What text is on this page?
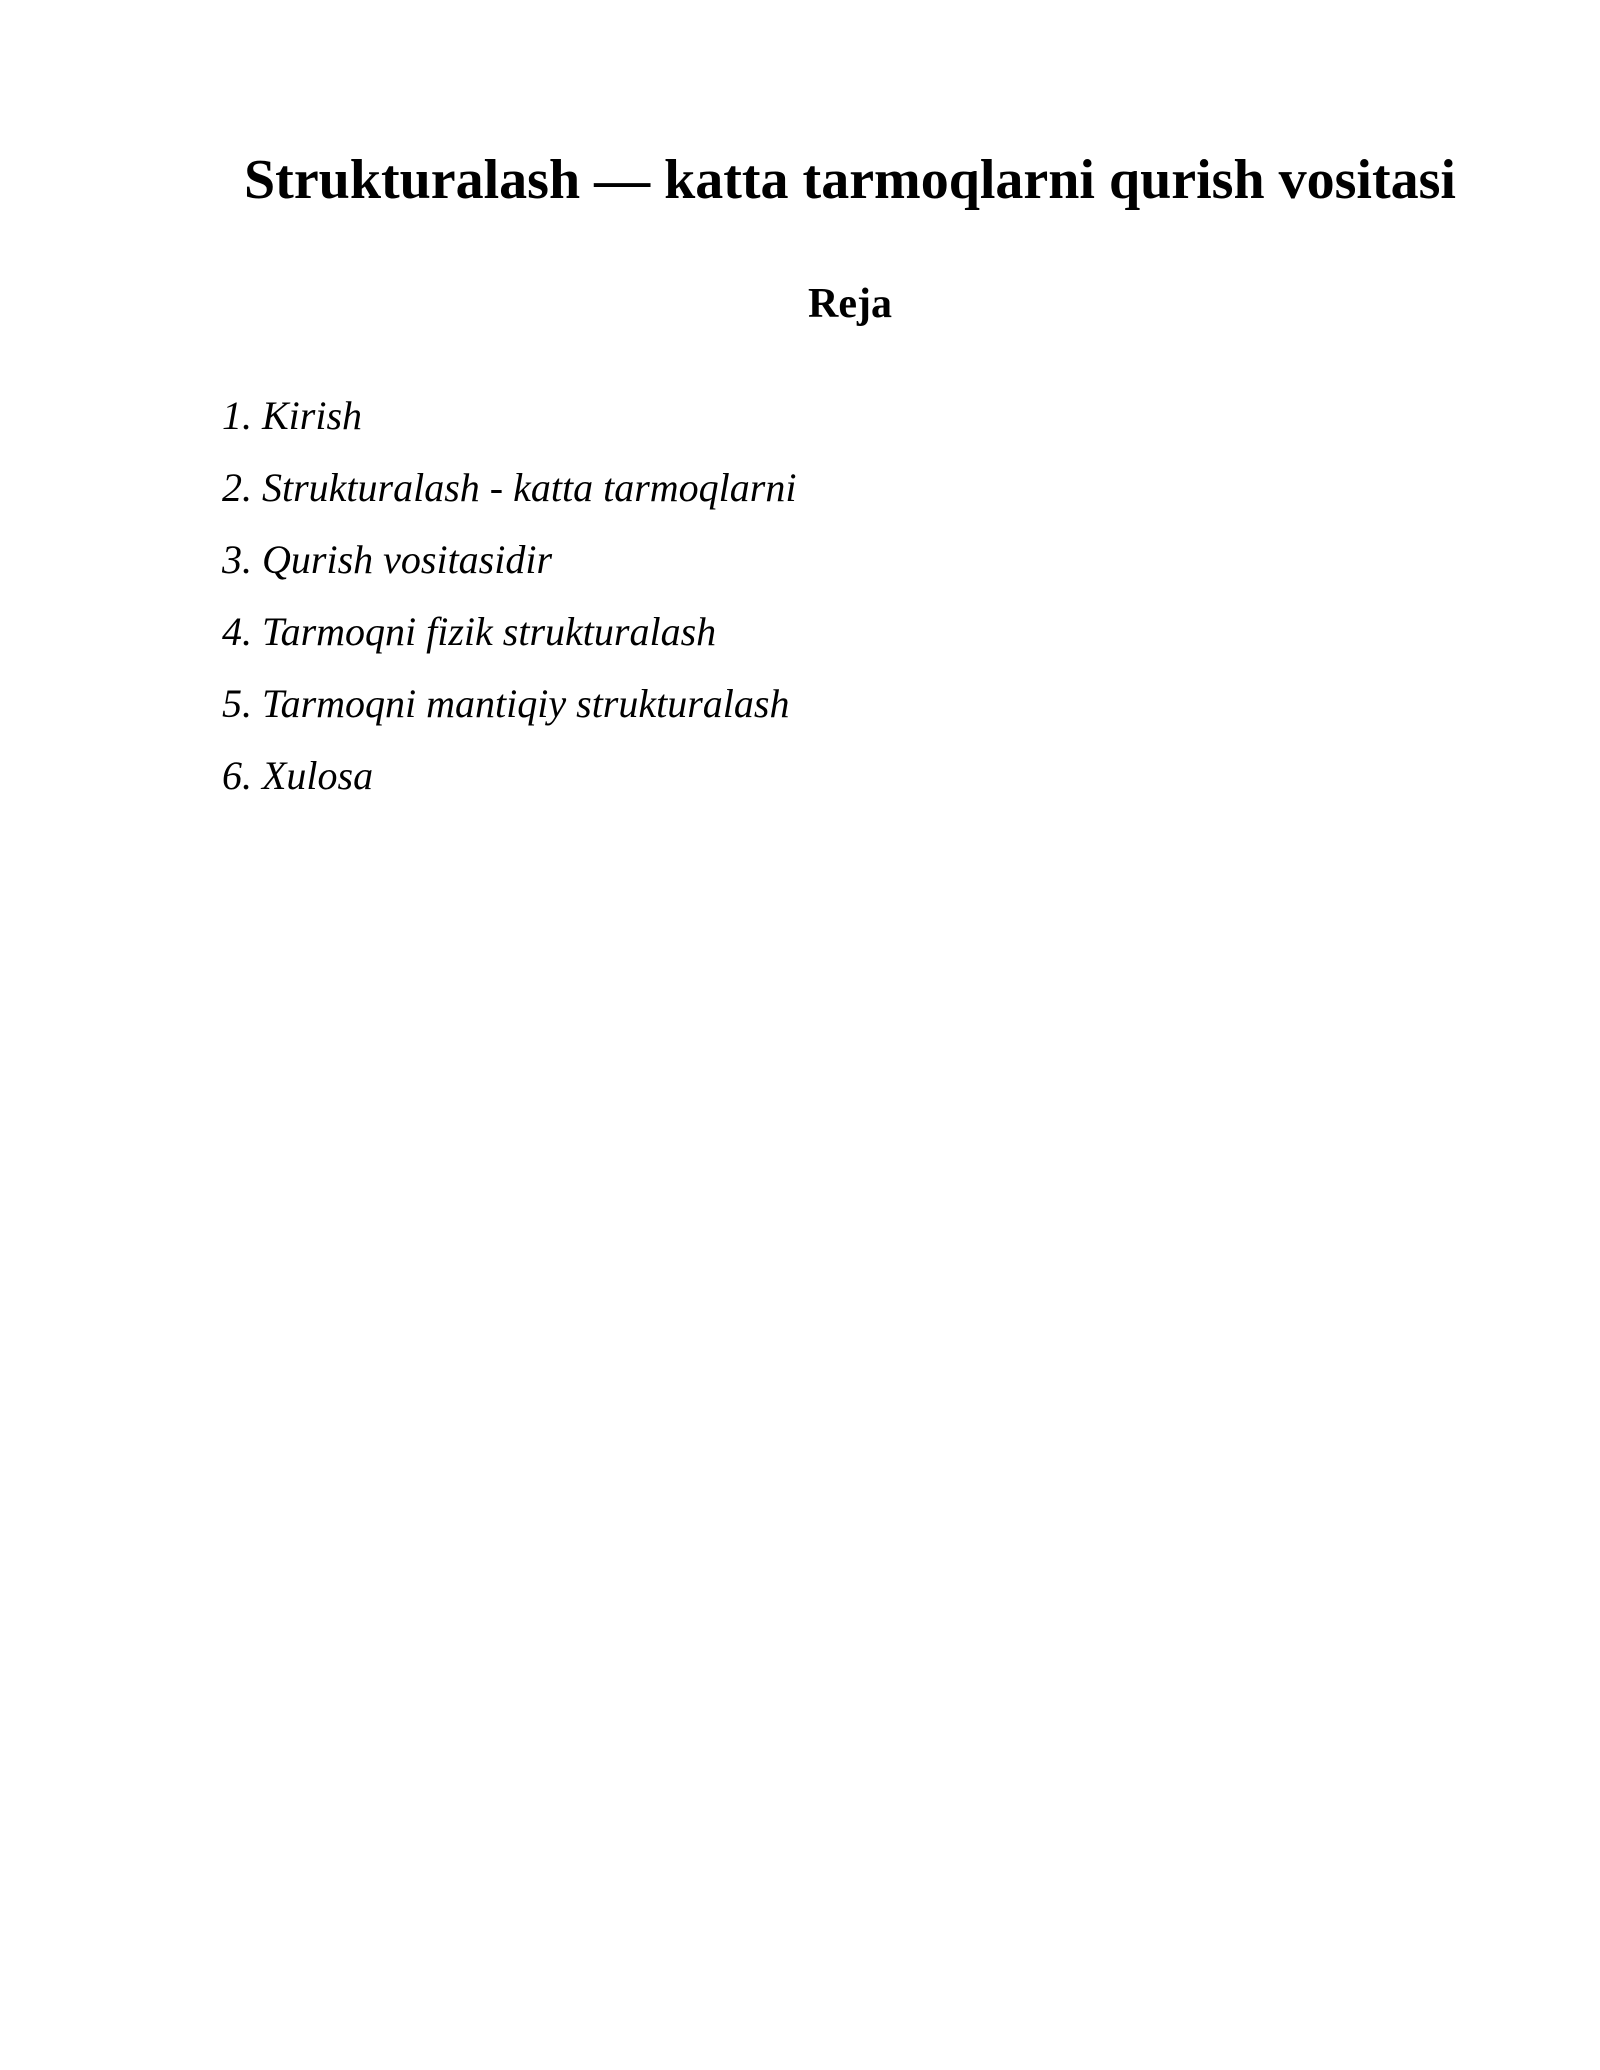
Strukturalash — katta tarmoqlarni qurish vositasi
Reja
1. Kirish
2. Strukturalash - katta tarmoqlarni
3. Qurish vositasidir
4. Tarmoqni fizik strukturalash
5. Tarmoqni mantiqiy strukturalash
6. Xulosa
